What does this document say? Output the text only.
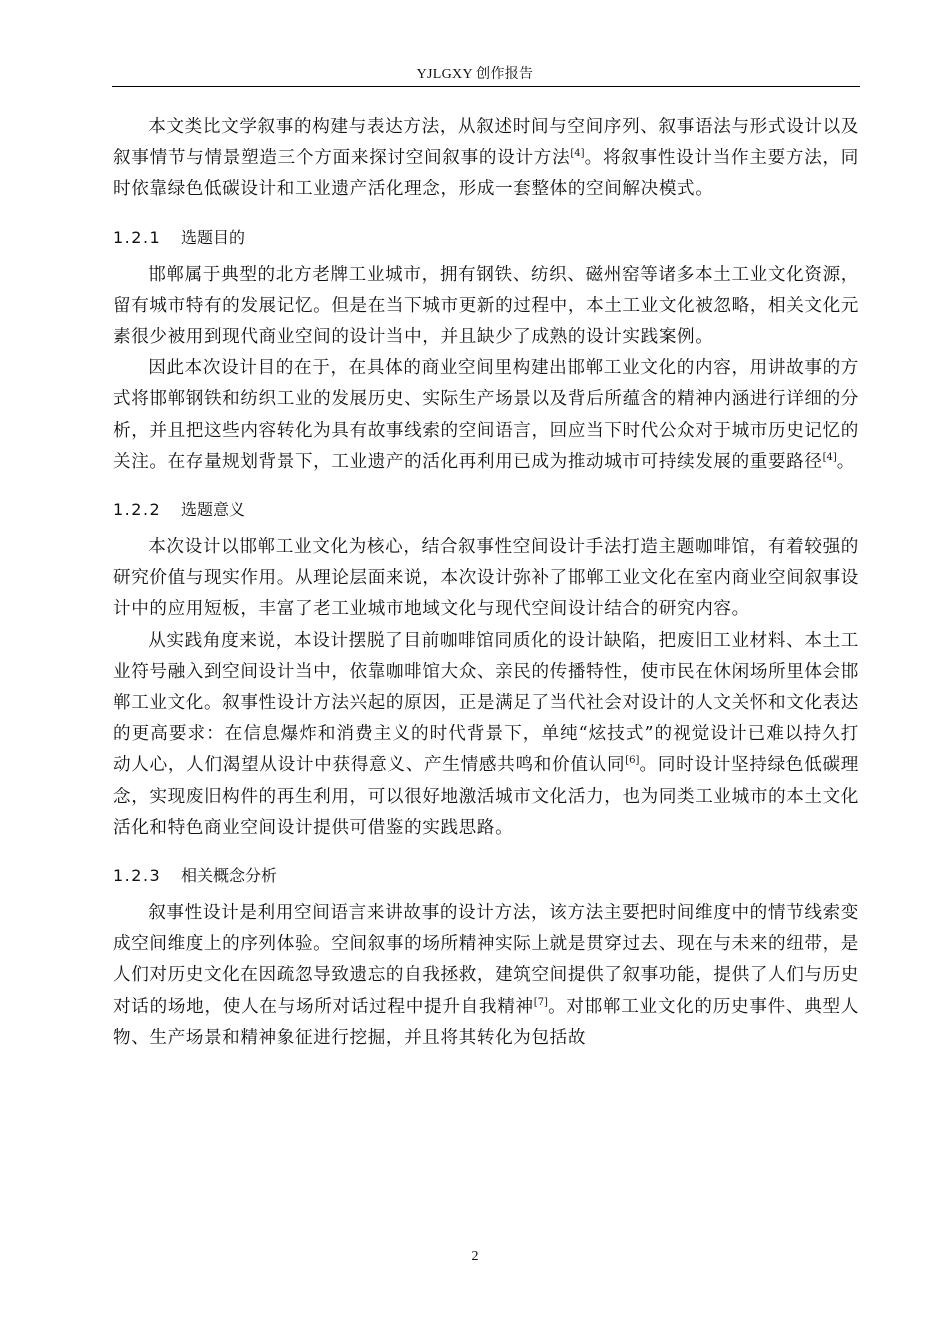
YJLGXY 创作报告

本文类比文学叙事的构建与表达方法，从叙述时间与空间序列、叙事语法与形式设计以及叙事情节与情景塑造三个方面来探讨空间叙事的设计方法[4]。将叙事性设计当作主要方法，同时依靠绿色低碳设计和工业遗产活化理念，形成一套整体的空间解决模式。

1.2.1 选题目的

邯郸属于典型的北方老牌工业城市，拥有钢铁、纺织、磁州窑等诸多本土工业文化资源，留有城市特有的发展记忆。但是在当下城市更新的过程中，本土工业文化被忽略，相关文化元素很少被用到现代商业空间的设计当中，并且缺少了成熟的设计实践案例。

因此本次设计目的在于，在具体的商业空间里构建出邯郸工业文化的内容，用讲故事的方式将邯郸钢铁和纺织工业的发展历史、实际生产场景以及背后所蕴含的精神内涵进行详细的分析，并且把这些内容转化为具有故事线索的空间语言，回应当下时代公众对于城市历史记忆的关注。在存量规划背景下，工业遗产的活化再利用已成为推动城市可持续发展的重要路径[4]。

1.2.2 选题意义

本次设计以邯郸工业文化为核心，结合叙事性空间设计手法打造主题咖啡馆，有着较强的研究价值与现实作用。从理论层面来说，本次设计弥补了邯郸工业文化在室内商业空间叙事设计中的应用短板，丰富了老工业城市地域文化与现代空间设计结合的研究内容。

从实践角度来说，本设计摆脱了目前咖啡馆同质化的设计缺陷，把废旧工业材料、本土工业符号融入到空间设计当中，依靠咖啡馆大众、亲民的传播特性，使市民在休闲场所里体会邯郸工业文化。叙事性设计方法兴起的原因，正是满足了当代社会对设计的人文关怀和文化表达的更高要求：在信息爆炸和消费主义的时代背景下，单纯“炫技式”的视觉设计已难以持久打动人心，人们渴望从设计中获得意义、产生情感共鸣和价值认同[6]。同时设计坚持绿色低碳理念，实现废旧构件的再生利用，可以很好地激活城市文化活力，也为同类工业城市的本土文化活化和特色商业空间设计提供可借鉴的实践思路。

1.2.3 相关概念分析

叙事性设计是利用空间语言来讲故事的设计方法，该方法主要把时间维度中的情节线索变成空间维度上的序列体验。空间叙事的场所精神实际上就是贯穿过去、现在与未来的纽带，是人们对历史文化在因疏忽导致遗忘的自我拯救，建筑空间提供了叙事功能，提供了人们与历史对话的场地，使人在与场所对话过程中提升自我精神[7]。对邯郸工业文化的历史事件、典型人物、生产场景和精神象征进行挖掘，并且将其转化为包括故

2
